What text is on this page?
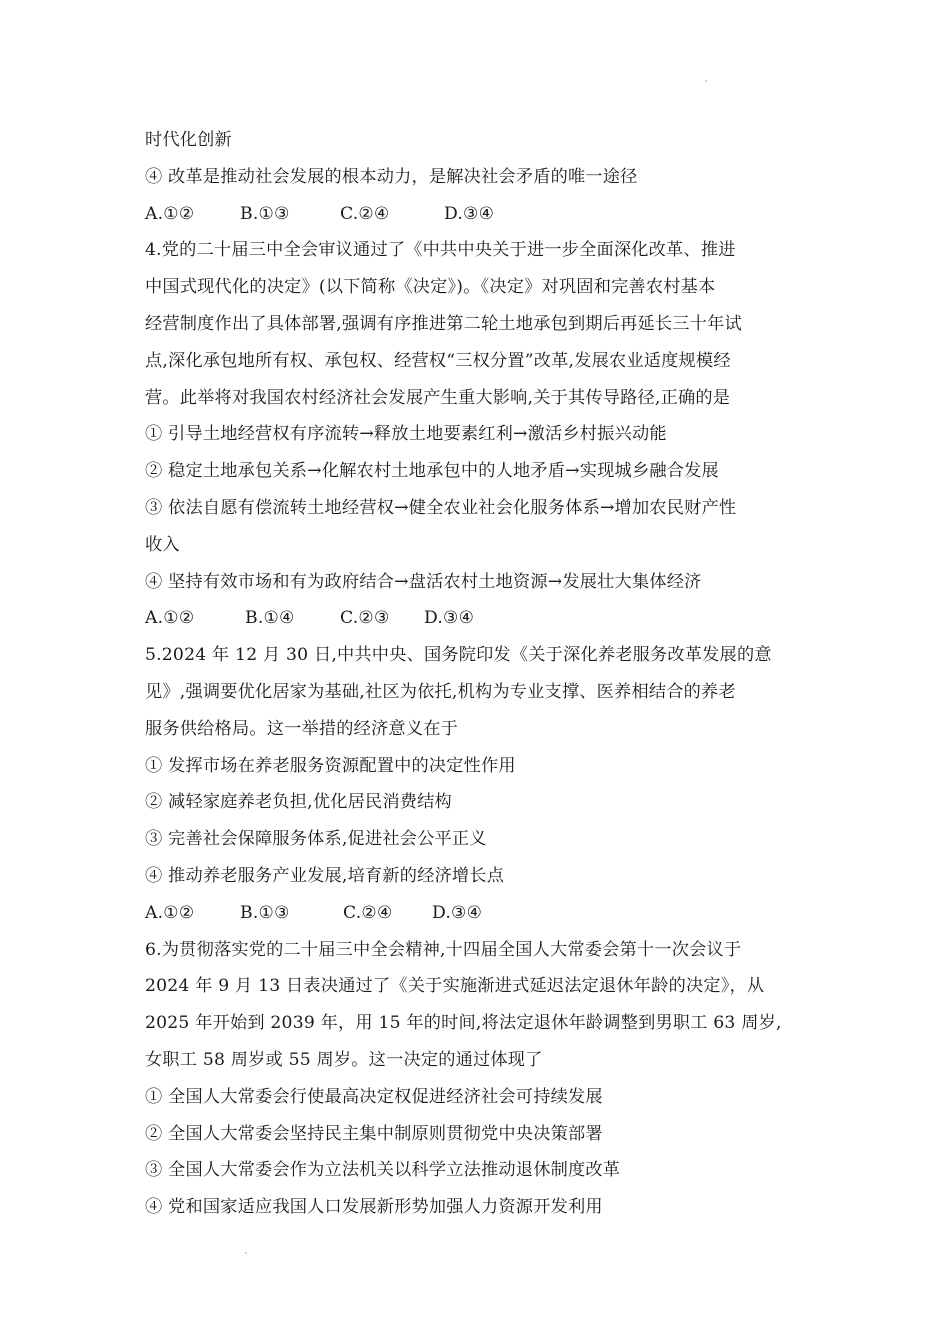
时代化创新
④ 改革是推动社会发展的根本动力，是解决社会矛盾的唯一途径
A.①②	B.①③	C.②④	D.③④
4.党的二十届三中全会审议通过了《中共中央关于进一步全面深化改革、推进
中国式现代化的决定》(以下简称《决定》)。《决定》对巩固和完善农村基本
经营制度作出了具体部署,强调有序推进第二轮土地承包到期后再延长三十年试
点,深化承包地所有权、承包权、经营权“三权分置”改革,发展农业适度规模经
营。此举将对我国农村经济社会发展产生重大影响,关于其传导路径,正确的是
① 引导土地经营权有序流转→释放土地要素红利→激活乡村振兴动能
② 稳定土地承包关系→化解农村土地承包中的人地矛盾→实现城乡融合发展
③ 依法自愿有偿流转土地经营权→健全农业社会化服务体系→增加农民财产性
收入
④ 坚持有效市场和有为政府结合→盘活农村土地资源→发展壮大集体经济
A.①②	B.①④	C.②③ D.③④
5.2024 年 12 月 30 日,中共中央、国务院印发《关于深化养老服务改革发展的意
见》,强调要优化居家为基础,社区为依托,机构为专业支撑、医养相结合的养老
服务供给格局。这一举措的经济意义在于
① 发挥市场在养老服务资源配置中的决定性作用
② 减轻家庭养老负担,优化居民消费结构
③ 完善社会保障服务体系,促进社会公平正义
④ 推动养老服务产业发展,培育新的经济增长点
A.①②	B.①③	C.②④ D.③④
6.为贯彻落实党的二十届三中全会精神,十四届全国人大常委会第十一次会议于
2024 年 9 月 13 日表决通过了《关于实施渐进式延迟法定退休年龄的决定》，从
2025 年开始到 2039 年，用 15 年的时间,将法定退休年龄调整到男职工 63 周岁,
女职工 58 周岁或 55 周岁。这一决定的通过体现了
① 全国人大常委会行使最高决定权促进经济社会可持续发展
② 全国人大常委会坚持民主集中制原则贯彻党中央决策部署
③ 全国人大常委会作为立法机关以科学立法推动退休制度改革
④ 党和国家适应我国人口发展新形势加强人力资源开发利用
